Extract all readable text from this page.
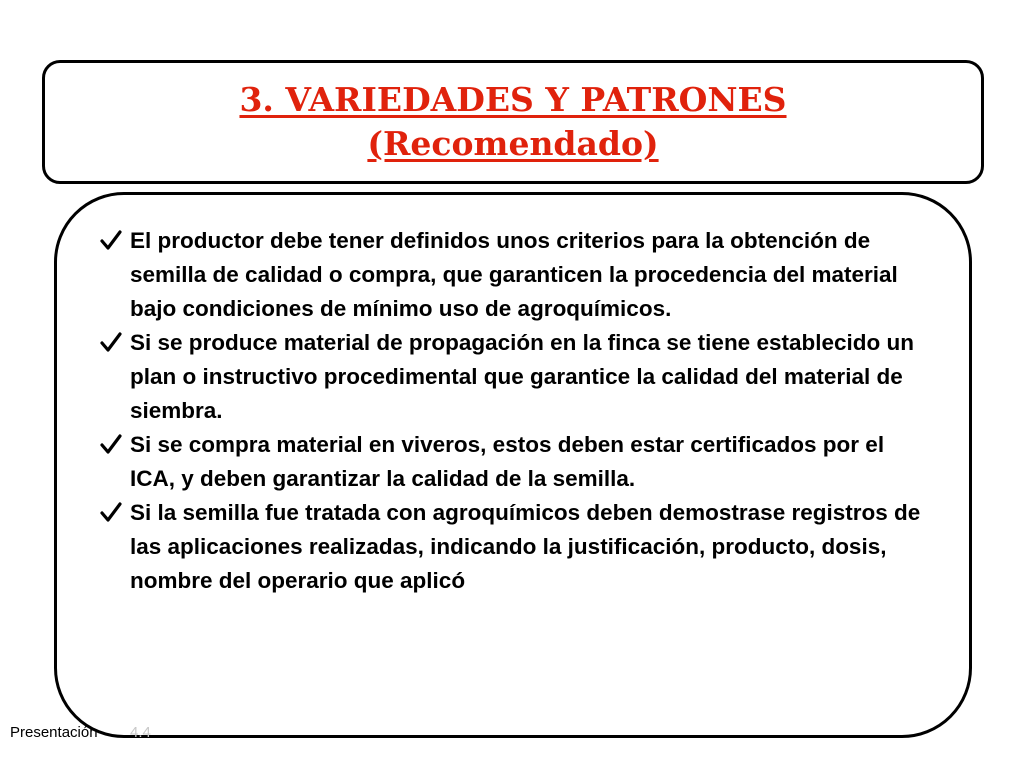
3. VARIEDADES Y PATRONES
(Recomendado)
El productor debe tener definidos unos criterios para la obtención de semilla de calidad o compra, que garanticen la procedencia del material bajo condiciones de mínimo uso de agroquímicos.
Si se produce material de propagación en la finca se tiene establecido un plan o instructivo procedimental que garantice la calidad del material de siembra.
Si se compra material en viveros, estos deben estar certificados por el ICA, y deben garantizar la calidad de la semilla.
Si la semilla fue tratada con agroquímicos deben demostrase registros de las aplicaciones realizadas, indicando la justificación, producto, dosis, nombre del operario que aplicó
Presentación 4.4
